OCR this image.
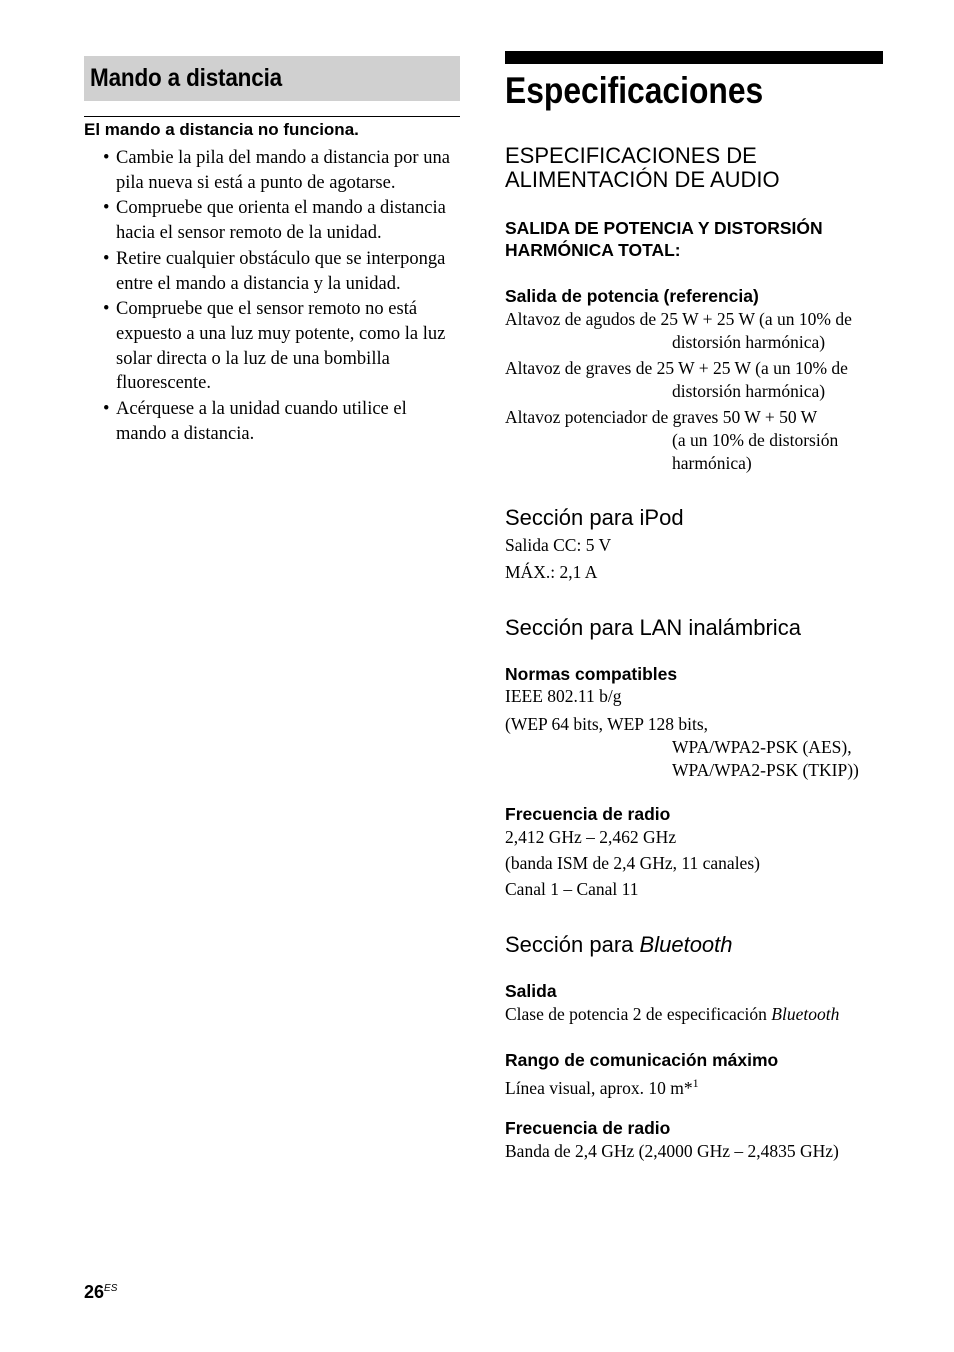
Mando a distancia
El mando a distancia no funciona.
• Cambie la pila del mando a distancia por una pila nueva si está a punto de agotarse.
• Compruebe que orienta el mando a distancia hacia el sensor remoto de la unidad.
• Retire cualquier obstáculo que se interponga entre el mando a distancia y la unidad.
• Compruebe que el sensor remoto no está expuesto a una luz muy potente, como la luz solar directa o la luz de una bombilla fluorescente.
• Acérquese a la unidad cuando utilice el mando a distancia.
Especificaciones
ESPECIFICACIONES DE
ALIMENTACIÓN DE AUDIO
SALIDA DE POTENCIA Y DISTORSIÓN
HARMÓNICA TOTAL:
Salida de potencia (referencia)
Altavoz de agudos de 25 W + 25 W (a un 10% de
distorsión harmónica)
Altavoz de graves de 25 W + 25 W (a un 10% de
distorsión harmónica)
Altavoz potenciador de graves 50 W + 50 W
(a un 10% de distorsión
harmónica)
Sección para iPod
Salida CC: 5 V
MÁX.: 2,1 A
Sección para LAN inalámbrica
Normas compatibles
IEEE 802.11 b/g
(WEP 64 bits, WEP 128 bits,
WPA/WPA2-PSK (AES),
WPA/WPA2-PSK (TKIP))
Frecuencia de radio
2,412 GHz – 2,462 GHz
(banda ISM de 2,4 GHz, 11 canales)
Canal 1 – Canal 11
Sección para Bluetooth
Salida
Clase de potencia 2 de especificación Bluetooth
Rango de comunicación máximo
Línea visual, aprox. 10 m*$^1$
Frecuencia de radio
Banda de 2,4 GHz (2,4000 GHz – 2,4835 GHz)
$26^{ES}$
